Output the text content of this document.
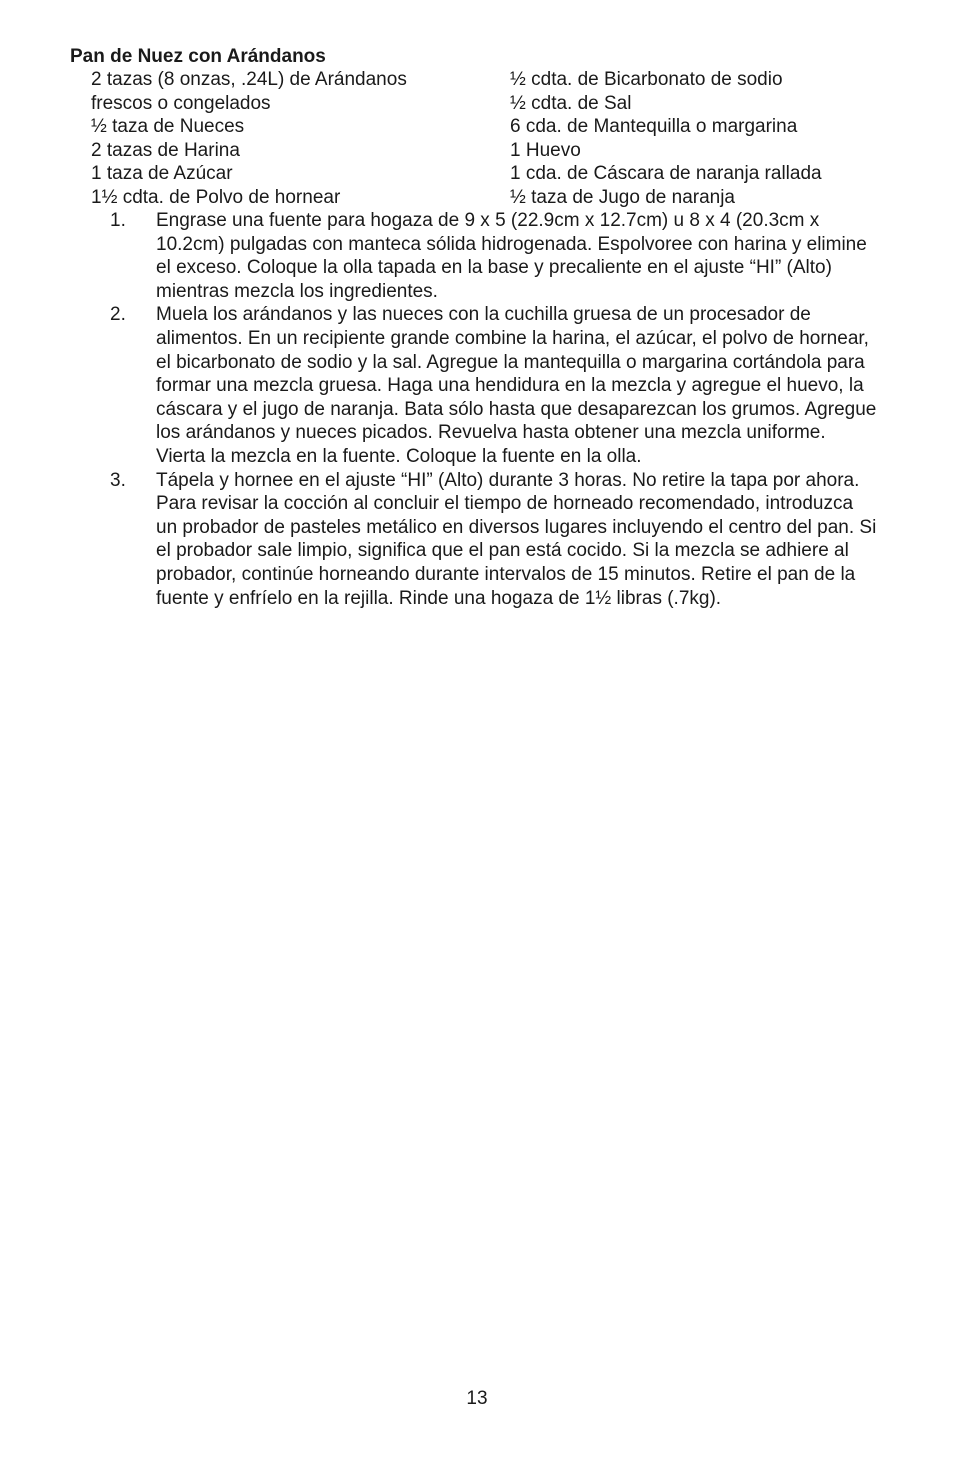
Pan de Nuez con Arándanos
2 tazas (8 onzas, .24L) de Arándanos
frescos o congelados
½ taza de Nueces
2 tazas de Harina
1 taza de Azúcar
1½ cdta. de Polvo de hornear
½ cdta. de Bicarbonato de sodio
½ cdta. de Sal
6 cda. de Mantequilla o margarina
1 Huevo
1 cda. de Cáscara de naranja rallada
½ taza de Jugo de naranja
1.	Engrase una fuente para hogaza de 9 x 5 (22.9cm x 12.7cm) u 8 x 4 (20.3cm x 10.2cm) pulgadas con manteca sólida hidrogenada. Espolvoree con harina y elimine el exceso. Coloque la olla tapada en la base y precaliente en el ajuste “HI” (Alto) mientras mezcla los ingredientes.
2.	Muela los arándanos y las nueces con la cuchilla gruesa de un procesador de alimentos. En un recipiente grande combine la harina, el azúcar, el polvo de hornear, el bicarbonato de sodio y la sal. Agregue la mantequilla o margarina cortándola para formar una mezcla gruesa. Haga una hendidura en la mezcla y agregue el huevo, la cáscara y el jugo de naranja. Bata sólo hasta que desaparezcan los grumos. Agregue los arándanos y nueces picados. Revuelva hasta obtener una mezcla uniforme. Vierta la mezcla en la fuente. Coloque la fuente en la olla.
3.	Tápela y hornee en el ajuste “HI” (Alto) durante 3 horas. No retire la tapa por ahora. Para revisar la cocción al concluir el tiempo de horneado recomendado, introduzca un probador de pasteles metálico en diversos lugares incluyendo el centro del pan. Si el probador sale limpio, significa que el pan está cocido. Si la mezcla se adhiere al probador, continúe horneando durante intervalos de 15 minutos. Retire el pan de la fuente y enfríelo en la rejilla. Rinde una hogaza de 1½ libras (.7kg).
13
